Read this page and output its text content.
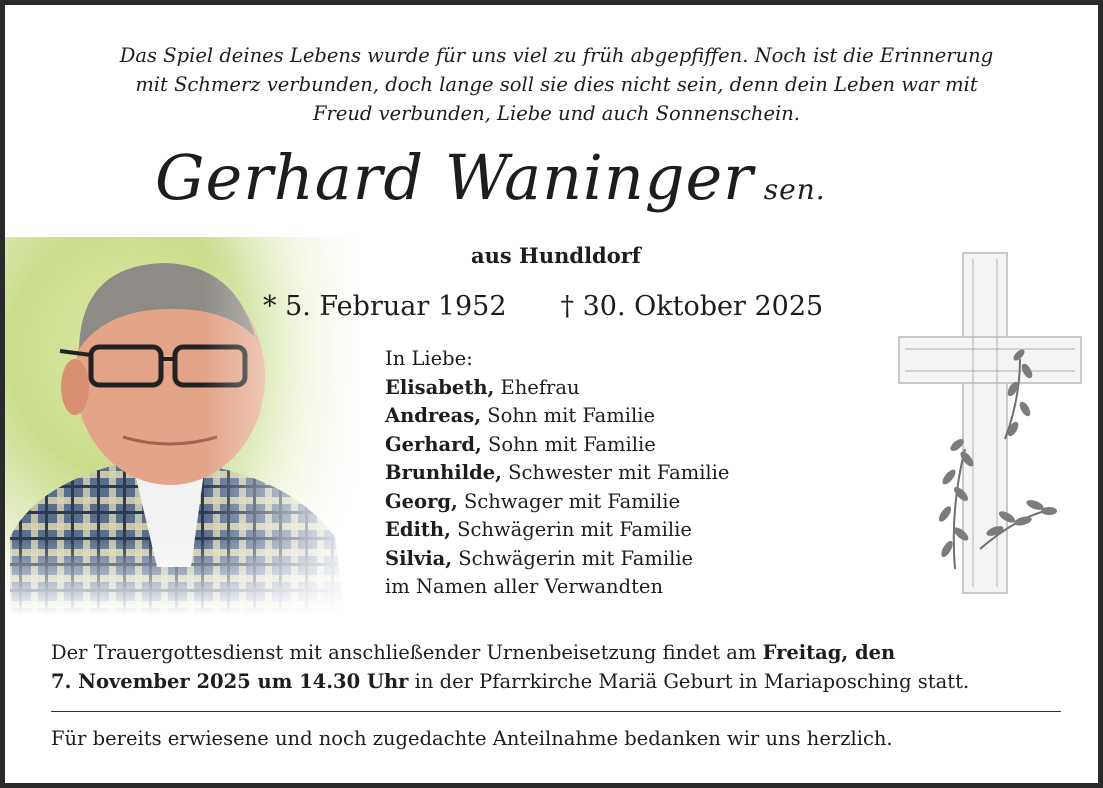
Das Spiel deines Lebens wurde für uns viel zu früh abgepfiffen. Noch ist die Erinnerung
mit Schmerz verbunden, doch lange soll sie dies nicht sein, denn dein Leben war mit
Freud verbunden, Liebe und auch Sonnenschein.
Gerhard Waninger sen.
aus Hundldorf
* 5. Februar 1952 † 30. Oktober 2025
In Liebe:
Elisabeth, Ehefrau
Andreas, Sohn mit Familie
Gerhard, Sohn mit Familie
Brunhilde, Schwester mit Familie
Georg, Schwager mit Familie
Edith, Schwägerin mit Familie
Silvia, Schwägerin mit Familie
im Namen aller Verwandten
Der Trauergottesdienst mit anschließender Urnenbeisetzung findet am Freitag, den
7. November 2025 um 14.30 Uhr in der Pfarrkirche Mariä Geburt in Mariaposching statt.
Für bereits erwiesene und noch zugedachte Anteilnahme bedanken wir uns herzlich.
